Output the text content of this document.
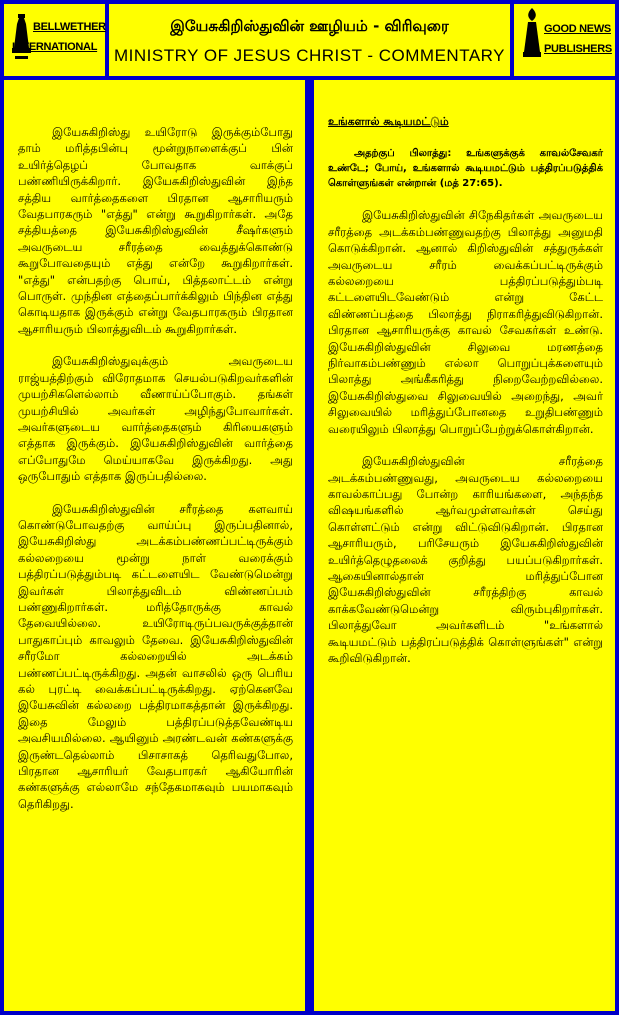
BELLWETHER
INTERNATIONAL
இயேசுகிறிஸ்துவின் ஊழியம் - விரிவுரை
MINISTRY OF JESUS CHRIST - COMMENTARY
GOOD NEWS
PUBLISHERS

இயேசுகிறிஸ்து உயிரோடு இருக்கும்போது தாம் மரித்தபின்பு மூன்றுநாளைக்குப் பின் உயிர்த்தெழப் போவதாக வாக்குப் பண்ணியிருக்கிறார். இயேசுகிறிஸ்துவின் இந்த சத்திய வார்த்தைகளை பிரதான ஆசாரியரும் வேதபாரகரும் "எத்து" என்று கூறுகிறார்கள். அதே சத்தியத்தை இயேசுகிறிஸ்துவின் சீஷர்களும் அவருடைய சரீரத்தை வைத்துக்கொண்டு கூறுபோவதையும் எத்து என்றே கூறுகிறார்கள். "எத்து" என்பதற்கு பொய், பித்தலாட்டம் என்று பொருள். முந்தின எத்தைப்பார்க்கிலும் பிந்தின எத்து கொடியதாக இருக்கும் என்று வேதபாரகரும் பிரதான ஆசாரியரும் பிலாத்துவிடம் கூறுகிறார்கள்.

இயேசுகிறிஸ்துவுக்கும் அவருடைய ராஜ்யத்திற்கும் விரோதமாக செயல்படுகிறவர்களின் முயற்சிகளெல்லாம் வீணாய்ப்போகும். தங்கள் முயற்சியில் அவர்கள் அழிந்துபோவார்கள். அவர்களுடைய வார்த்தைகளும் கிரியைகளும் எத்தாக இருக்கும். இயேசுகிறிஸ்துவின் வார்த்தை எப்போதுமே மெய்யாகவே இருக்கிறது. அது ஒருபோதும் எத்தாக இருப்பதில்லை.

இயேசுகிறிஸ்துவின் சரீரத்தை களவாய் கொண்டுபோவதற்கு வாய்ப்பு இருப்பதினால், இயேசுகிறிஸ்து அடக்கம்பண்ணப்பட்டிருக்கும் கல்லறையை மூன்று நாள் வரைக்கும் பத்திரப்படுத்தும்படி கட்டளையிட வேண்டுமென்று இவர்கள் பிலாத்துவிடம் விண்ணப்பம் பண்ணுகிறார்கள். மரித்தோருக்கு காவல் தேவையில்லை. உயிரோடிருப்பவருக்குத்தான் பாதுகாப்பும் காவலும் தேவை. இயேசுகிறிஸ்துவின் சரீரமோ கல்லறையில் அடக்கம் பண்ணப்பட்டிருக்கிறது. அதன் வாசலில் ஒரு பெரிய கல் புரட்டி வைக்கப்பட்டிருக்கிறது. ஏற்கெனவே இயேசுவின் கல்லறை பத்திரமாகத்தான் இருக்கிறது. இதை மேலும் பத்திரப்படுத்தவேண்டிய அவசியமில்லை. ஆயினும் அரண்டவன் கண்களுக்கு இருண்டதெல்லாம் பிசாசாகத் தெரிவதுபோல, பிரதான ஆசாரியர் வேதபாரகர் ஆகியோரின் கண்களுக்கு எல்லாமே சந்தேகமாகவும் பயமாகவும் தெரிகிறது.

உங்களால் கூடியமட்டும்
அதற்குப் பிலாத்து: உங்களுக்குக் காவல்சேவகர் உண்டே; போய், உங்களால் கூடியமட்டும் பத்திரப்படுத்திக் கொள்ளுங்கள் என்றான் (மத் 27:65).

இயேசுகிறிஸ்துவின் சிநேகிதர்கள் அவருடைய சரீரத்தை அடக்கம்பண்ணுவதற்கு பிலாத்து அனுமதி கொடுக்கிறான். ஆனால் கிறிஸ்துவின் சத்துருக்கள் அவருடைய சரீரம் வைக்கப்பட்டிருக்கும் கல்லறையை பத்திரப்படுத்தும்படி கட்டளையிடவேண்டும் என்று கேட்ட விண்ணப்பத்தை பிலாத்து நிராகரித்துவிடுகிறான். பிரதான ஆசாரியருக்கு காவல் சேவகர்கள் உண்டு. இயேசுகிறிஸ்துவின் சிலுவை மரணத்தை நிர்வாகம்பண்ணும் எல்லா பொறுப்புக்களையும் பிலாத்து அங்கீகரித்து நிறைவேற்றவில்லை. இயேசுகிறிஸ்துவை சிலுவையில் அறைந்து, அவர் சிலுவையில் மரித்துப்போனதை உறுதிபண்ணும் வரையிலும் பிலாத்து பொறுப்பேற்றுக்கொள்கிறான்.

இயேசுகிறிஸ்துவின் சரீரத்தை அடக்கம்பண்ணுவது, அவருடைய கல்லறையை காவல்காப்பது போன்ற காரியங்களை, அந்தந்த விஷயங்களில் ஆர்வமுள்ளவர்கள் செய்து கொள்ளட்டும் என்று விட்டுவிடுகிறான். பிரதான ஆசாரியரும், பரிசேயரும் இயேசுகிறிஸ்துவின் உயிர்த்தெழுதலைக் குறித்து பயப்படுகிறார்கள். ஆகையினால்தான் மரித்துப்போன இயேசுகிறிஸ்துவின் சரீரத்திற்கு காவல் காக்கவேண்டுமென்று விரும்புகிறார்கள். பிலாத்துவோ அவர்களிடம் "உங்களால் கூடியமட்டும் பத்திரப்படுத்திக் கொள்ளுங்கள்" என்று கூறிவிடுகிறான்.
